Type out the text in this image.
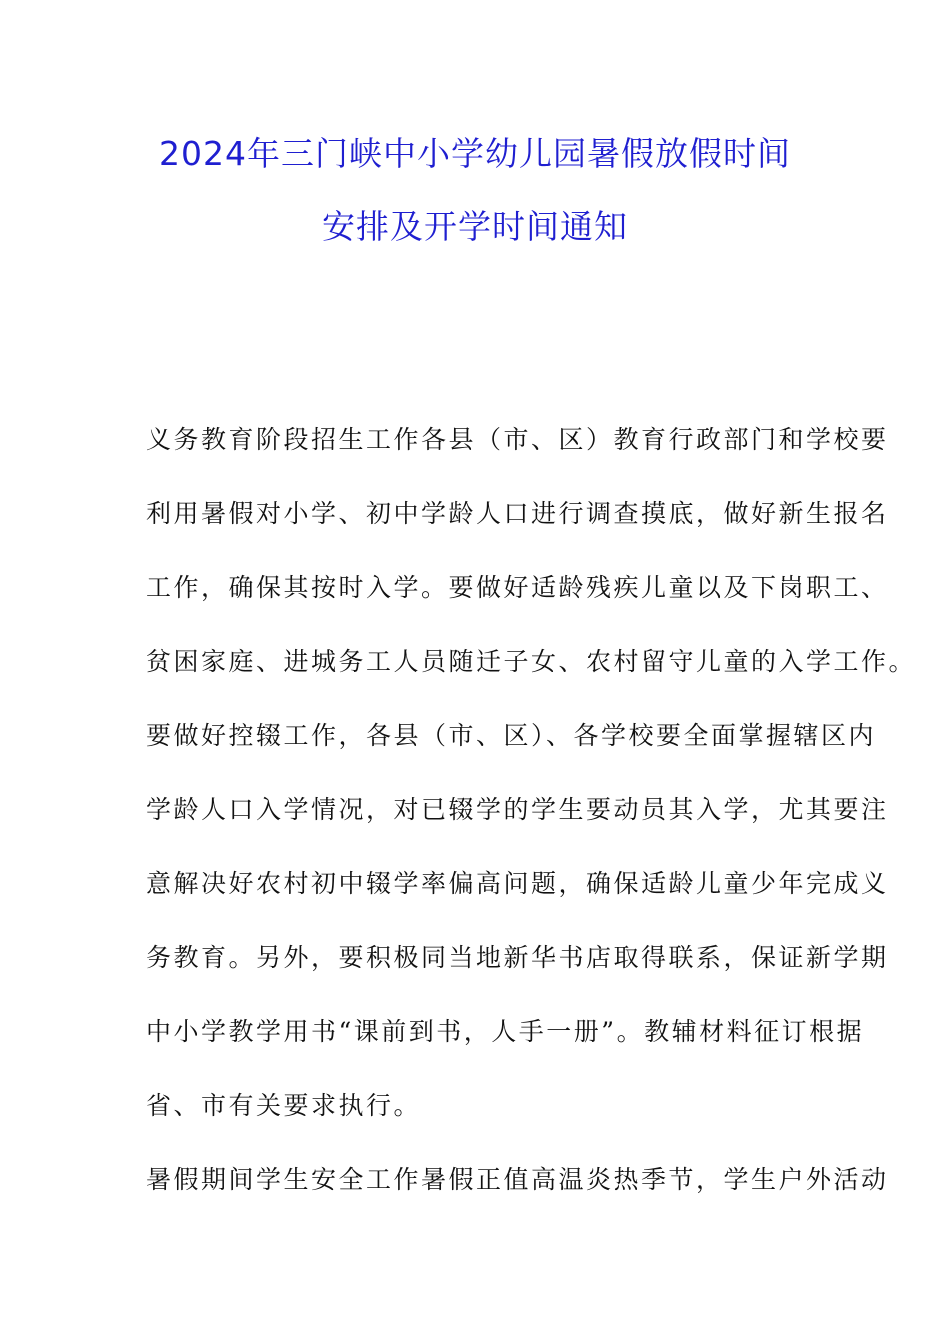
2024年三门峡中小学幼儿园暑假放假时间
安排及开学时间通知
义务教育阶段招生工作各县（市、区）教育行政部门和学校要
利用暑假对小学、初中学龄人口进行调查摸底，做好新生报名
工作，确保其按时入学。要做好适龄残疾儿童以及下岗职工、
贫困家庭、进城务工人员随迁子女、农村留守儿童的入学工作。
要做好控辍工作，各县（市、区）、各学校要全面掌握辖区内
学龄人口入学情况，对已辍学的学生要动员其入学，尤其要注
意解决好农村初中辍学率偏高问题，确保适龄儿童少年完成义
务教育。另外，要积极同当地新华书店取得联系，保证新学期
中小学教学用书“课前到书，人手一册”。教辅材料征订根据
省、市有关要求执行。
暑假期间学生安全工作暑假正值高温炎热季节，学生户外活动
